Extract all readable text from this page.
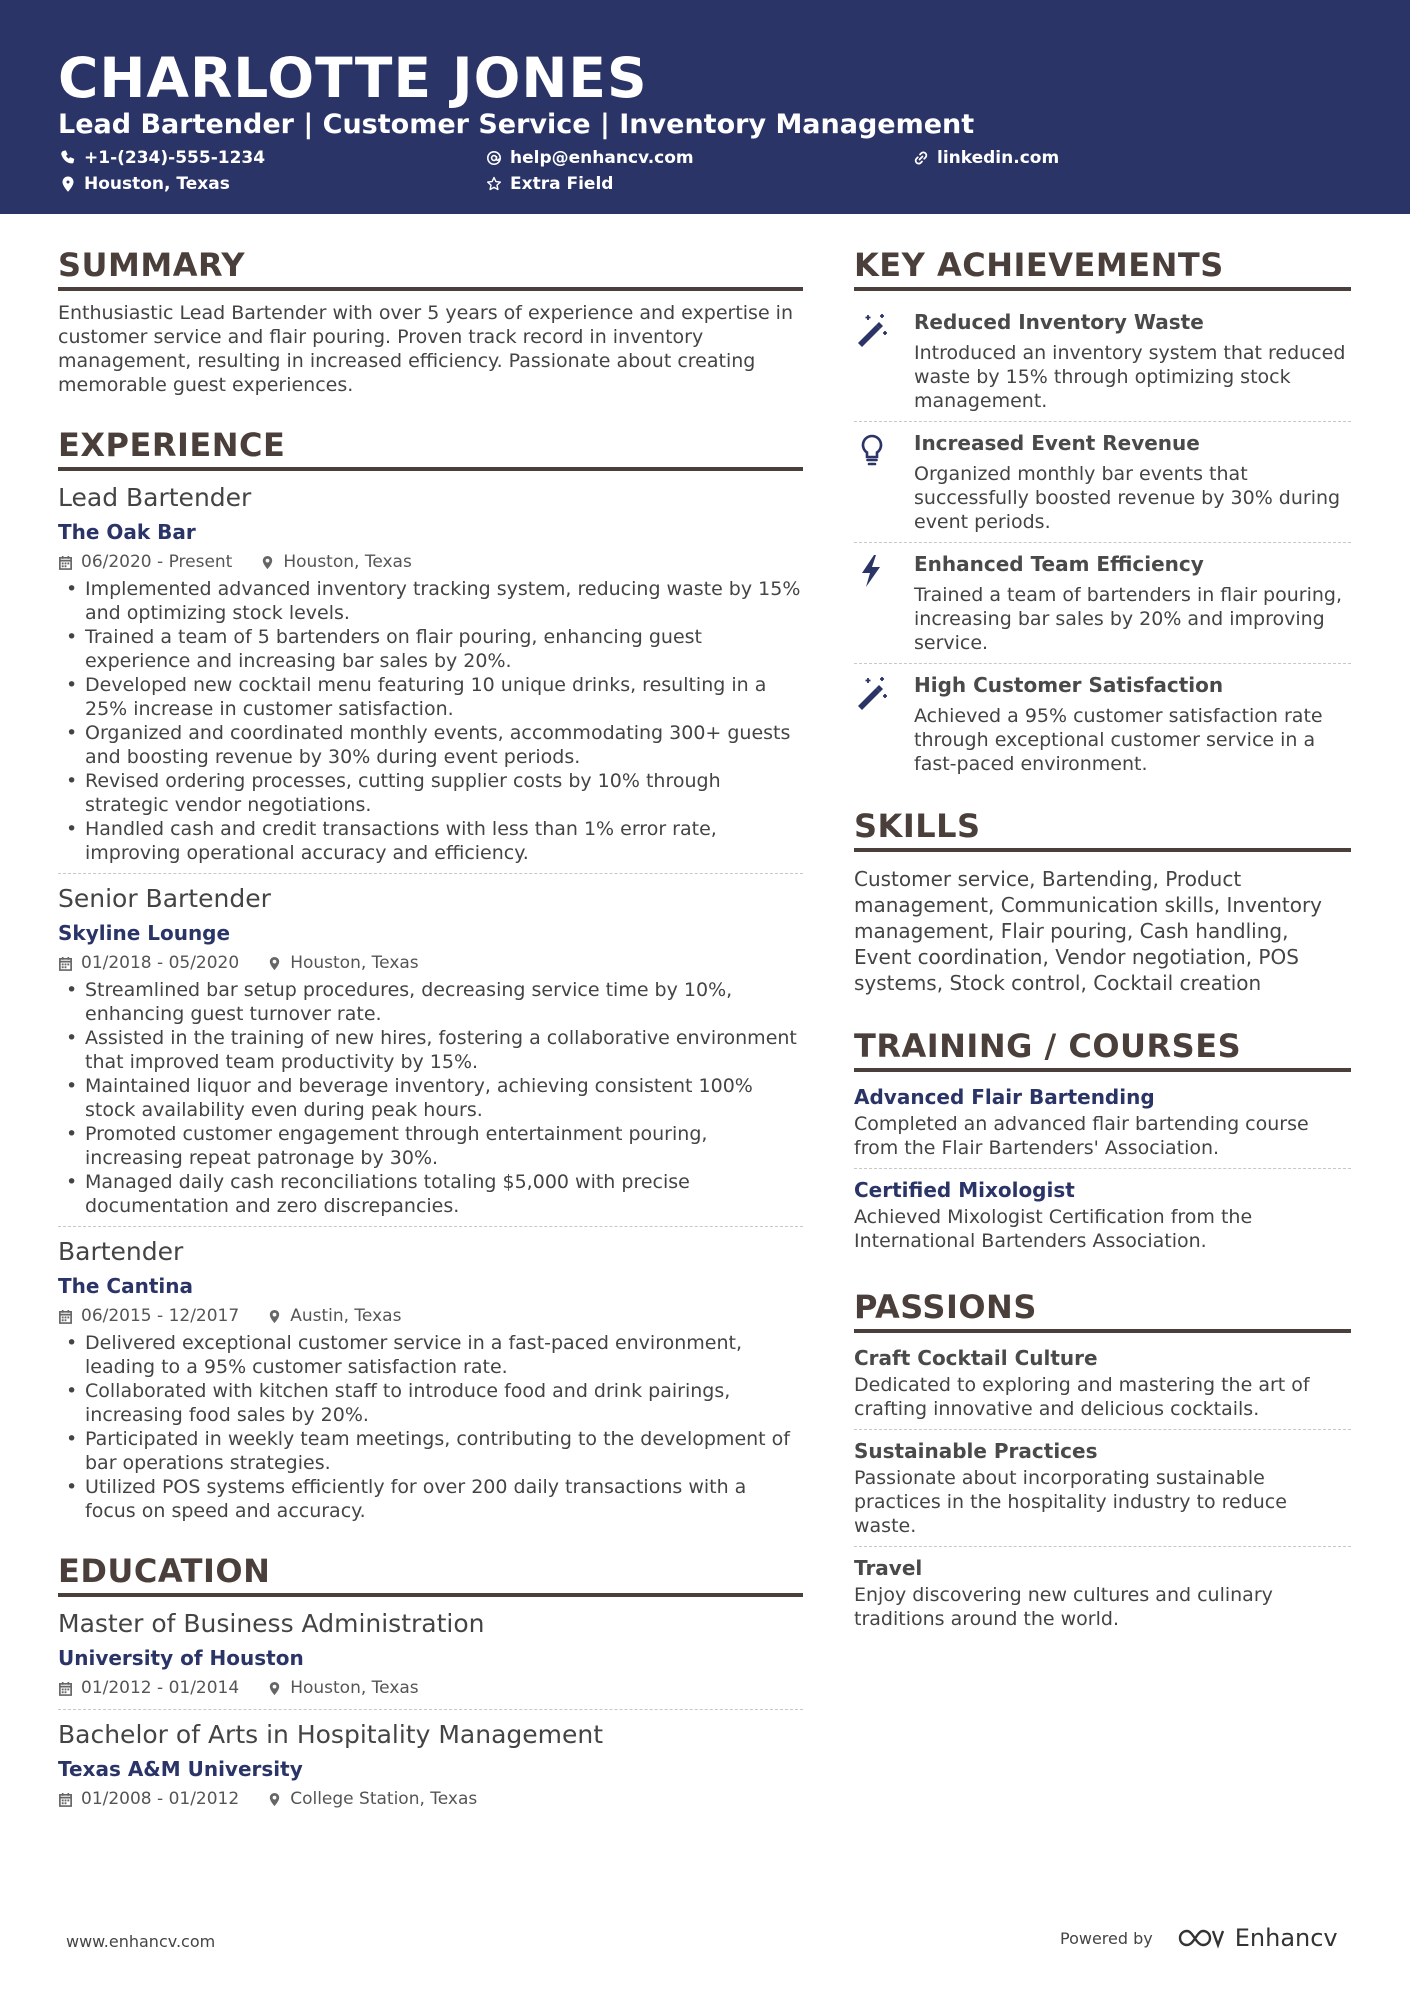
CHARLOTTE JONES
Lead Bartender | Customer Service | Inventory Management
+1-(234)-555-1234	help@enhancv.com	linkedin.com
Houston, Texas	Extra Field
SUMMARY
Enthusiastic Lead Bartender with over 5 years of experience and expertise in customer service and flair pouring. Proven track record in inventory management, resulting in increased efficiency. Passionate about creating memorable guest experiences.
EXPERIENCE
Lead Bartender
The Oak Bar
06/2020 - Present	Houston, Texas
• Implemented advanced inventory tracking system, reducing waste by 15% and optimizing stock levels.
• Trained a team of 5 bartenders on flair pouring, enhancing guest experience and increasing bar sales by 20%.
• Developed new cocktail menu featuring 10 unique drinks, resulting in a 25% increase in customer satisfaction.
• Organized and coordinated monthly events, accommodating 300+ guests and boosting revenue by 30% during event periods.
• Revised ordering processes, cutting supplier costs by 10% through strategic vendor negotiations.
• Handled cash and credit transactions with less than 1% error rate, improving operational accuracy and efficiency.
Senior Bartender
Skyline Lounge
01/2018 - 05/2020	Houston, Texas
• Streamlined bar setup procedures, decreasing service time by 10%, enhancing guest turnover rate.
• Assisted in the training of new hires, fostering a collaborative environment that improved team productivity by 15%.
• Maintained liquor and beverage inventory, achieving consistent 100% stock availability even during peak hours.
• Promoted customer engagement through entertainment pouring, increasing repeat patronage by 30%.
• Managed daily cash reconciliations totaling $5,000 with precise documentation and zero discrepancies.
Bartender
The Cantina
06/2015 - 12/2017	Austin, Texas
• Delivered exceptional customer service in a fast-paced environment, leading to a 95% customer satisfaction rate.
• Collaborated with kitchen staff to introduce food and drink pairings, increasing food sales by 20%.
• Participated in weekly team meetings, contributing to the development of bar operations strategies.
• Utilized POS systems efficiently for over 200 daily transactions with a focus on speed and accuracy.
EDUCATION
Master of Business Administration
University of Houston
01/2012 - 01/2014	Houston, Texas
Bachelor of Arts in Hospitality Management
Texas A&M University
01/2008 - 01/2012	College Station, Texas
KEY ACHIEVEMENTS
Reduced Inventory Waste
Introduced an inventory system that reduced waste by 15% through optimizing stock management.
Increased Event Revenue
Organized monthly bar events that successfully boosted revenue by 30% during event periods.
Enhanced Team Efficiency
Trained a team of bartenders in flair pouring, increasing bar sales by 20% and improving service.
High Customer Satisfaction
Achieved a 95% customer satisfaction rate through exceptional customer service in a fast-paced environment.
SKILLS
Customer service, Bartending, Product management, Communication skills, Inventory management, Flair pouring, Cash handling, Event coordination, Vendor negotiation, POS systems, Stock control, Cocktail creation
TRAINING / COURSES
Advanced Flair Bartending
Completed an advanced flair bartending course from the Flair Bartenders' Association.
Certified Mixologist
Achieved Mixologist Certification from the International Bartenders Association.
PASSIONS
Craft Cocktail Culture
Dedicated to exploring and mastering the art of crafting innovative and delicious cocktails.
Sustainable Practices
Passionate about incorporating sustainable practices in the hospitality industry to reduce waste.
Travel
Enjoy discovering new cultures and culinary traditions around the world.
www.enhancv.com	Powered by	Enhancv
